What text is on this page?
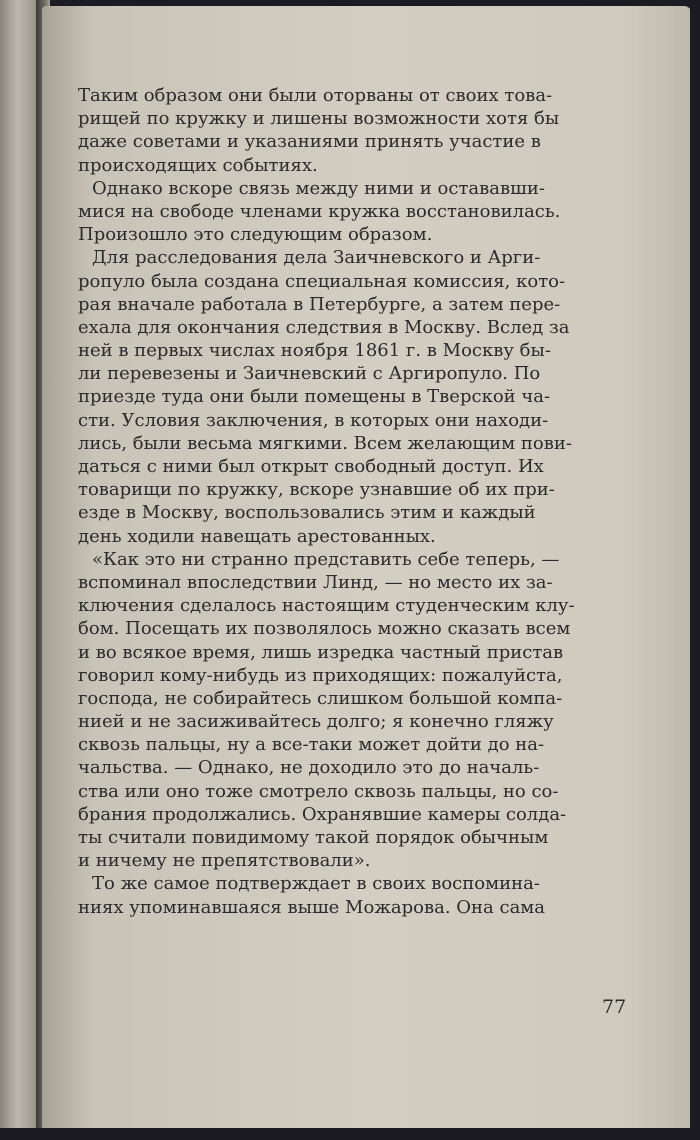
Таким образом они были оторваны от своих това-
рищей по кружку и лишены возможности хотя бы
даже советами и указаниями принять участие в
происходящих событиях.
Однако вскоре связь между ними и остававши-
мися на свободе членами кружка восстановилась.
Произошло это следующим образом.
Для расследования дела Заичневского и Арги-
ропуло была создана специальная комиссия, кото-
рая вначале работала в Петербурге, а затем пере-
ехала для окончания следствия в Москву. Вслед за
ней в первых числах ноября 1861 г. в Москву бы-
ли перевезены и Заичневский с Аргиропуло. По
приезде туда они были помещены в Тверской ча-
сти. Условия заключения, в которых они находи-
лись, были весьма мягкими. Всем желающим пови-
даться с ними был открыт свободный доступ. Их
товарищи по кружку, вскоре узнавшие об их при-
езде в Москву, воспользовались этим и каждый
день ходили навещать арестованных.
«Как это ни странно представить себе теперь, —
вспоминал впоследствии Линд, — но место их за-
ключения сделалось настоящим студенческим клу-
бом. Посещать их позволялось можно сказать всем
и во всякое время, лишь изредка частный пристав
говорил кому-нибудь из приходящих: пожалуйста,
господа, не собирайтесь слишком большой компа-
нией и не засиживайтесь долго; я конечно гляжу
сквозь пальцы, ну а все-таки может дойти до на-
чальства. — Однако, не доходило это до началь-
ства или оно тоже смотрело сквозь пальцы, но со-
брания продолжались. Охранявшие камеры солда-
ты считали повидимому такой порядок обычным
и ничему не препятствовали».
То же самое подтверждает в своих воспомина-
ниях упоминавшаяся выше Можарова. Она сама
77
